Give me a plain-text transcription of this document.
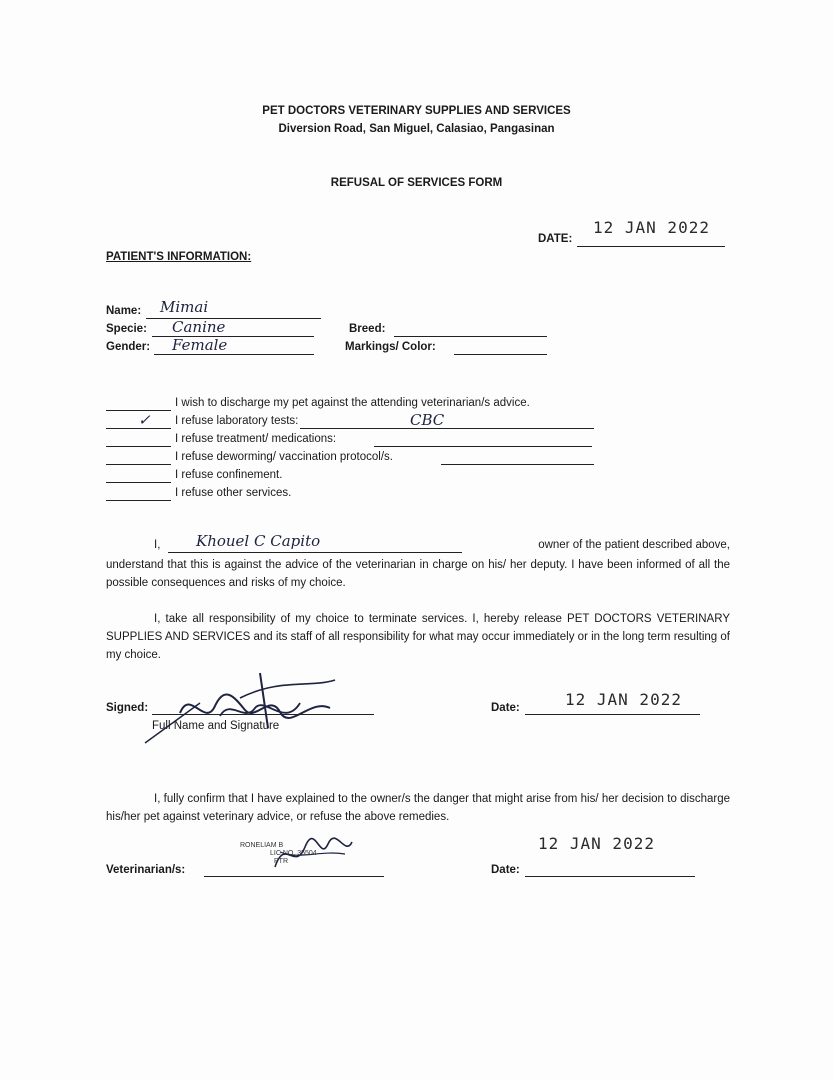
PET DOCTORS VETERINARY SUPPLIES AND SERVICES
Diversion Road, San Miguel, Calasiao, Pangasinan
REFUSAL OF SERVICES FORM
DATE:
12 JAN 2022
PATIENT'S INFORMATION:
Name: Mimai
Specie: Canine
Gender: Female
Breed:
Markings/ Color:
I wish to discharge my pet against the attending veterinarian/s advice.
✓ I refuse laboratory tests:	CBC
I refuse treatment/ medications:
I refuse deworming/ vaccination protocol/s.
I refuse confinement.
I refuse other services.
I, Khouel C Capito	owner of the patient described above,
understand that this is against the advice of the veterinarian in charge on his/ her deputy. I have been informed of all the possible consequences and risks of my choice.
I, take all responsibility of my choice to terminate services. I, hereby release PET DOCTORS VETERINARY SUPPLIES AND SERVICES and its staff of all responsibility for what may occur immediately or in the long term resulting of my choice.
Signed:
Full Name and Signature
Date:	12 JAN 2022
I, fully confirm that I have explained to the owner/s the danger that might arise from his/ her decision to discharge his/her pet against veterinary advice, or refuse the above remedies.
Veterinarian/s:
RONELIAM B
LIC NO. 35504
PTR
Date:
12 JAN 2022
